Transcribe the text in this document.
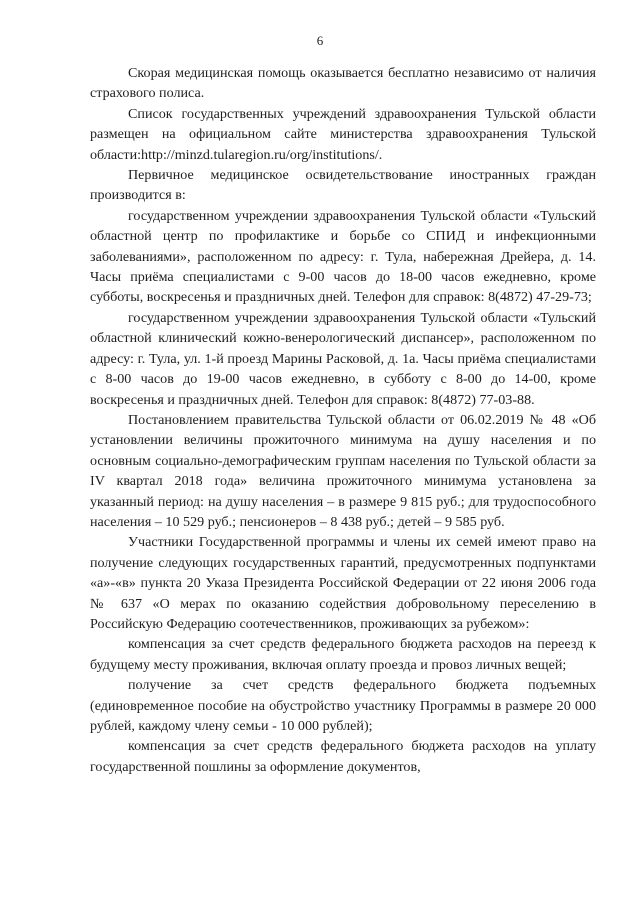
6

Скорая медицинская помощь оказывается бесплатно независимо от наличия страхового полиса.

Список государственных учреждений здравоохранения Тульской области размещен на официальном сайте министерства здравоохранения Тульской области:http://minzd.tularegion.ru/org/institutions/.

Первичное медицинское освидетельствование иностранных граждан производится в:

государственном учреждении здравоохранения Тульской области «Тульский областной центр по профилактике и борьбе со СПИД и инфекционными заболеваниями», расположенном по адресу: г. Тула, набережная Дрейера, д. 14. Часы приёма специалистами с 9-00 часов до 18-00 часов ежедневно, кроме субботы, воскресенья и праздничных дней. Телефон для справок: 8(4872) 47-29-73;

государственном учреждении здравоохранения Тульской области «Тульский областной клинический кожно-венерологический диспансер», расположенном по адресу: г. Тула, ул. 1-й проезд Марины Расковой, д. 1а. Часы приёма специалистами с 8-00 часов до 19-00 часов ежедневно, в субботу с 8-00 до 14-00, кроме воскресенья и праздничных дней. Телефон для справок: 8(4872) 77-03-88.

Постановлением правительства Тульской области от 06.02.2019 № 48 «Об установлении величины прожиточного минимума на душу населения и по основным социально-демографическим группам населения по Тульской области за IV квартал 2018 года» величина прожиточного минимума установлена за указанный период: на душу населения – в размере 9 815 руб.; для трудоспособного населения – 10 529 руб.; пенсионеров – 8 438 руб.; детей – 9 585 руб.

Участники Государственной программы и члены их семей имеют право на получение следующих государственных гарантий, предусмотренных подпунктами «а»-«в» пункта 20 Указа Президента Российской Федерации от 22 июня 2006 года № 637 «О мерах по оказанию содействия добровольному переселению в Российскую Федерацию соотечественников, проживающих за рубежом»:

компенсация за счет средств федерального бюджета расходов на переезд к будущему месту проживания, включая оплату проезда и провоз личных вещей;

получение за счет средств федерального бюджета подъемных (единовременное пособие на обустройство участнику Программы в размере 20 000 рублей, каждому члену семьи - 10 000 рублей);

компенсация за счет средств федерального бюджета расходов на уплату государственной пошлины за оформление документов,
